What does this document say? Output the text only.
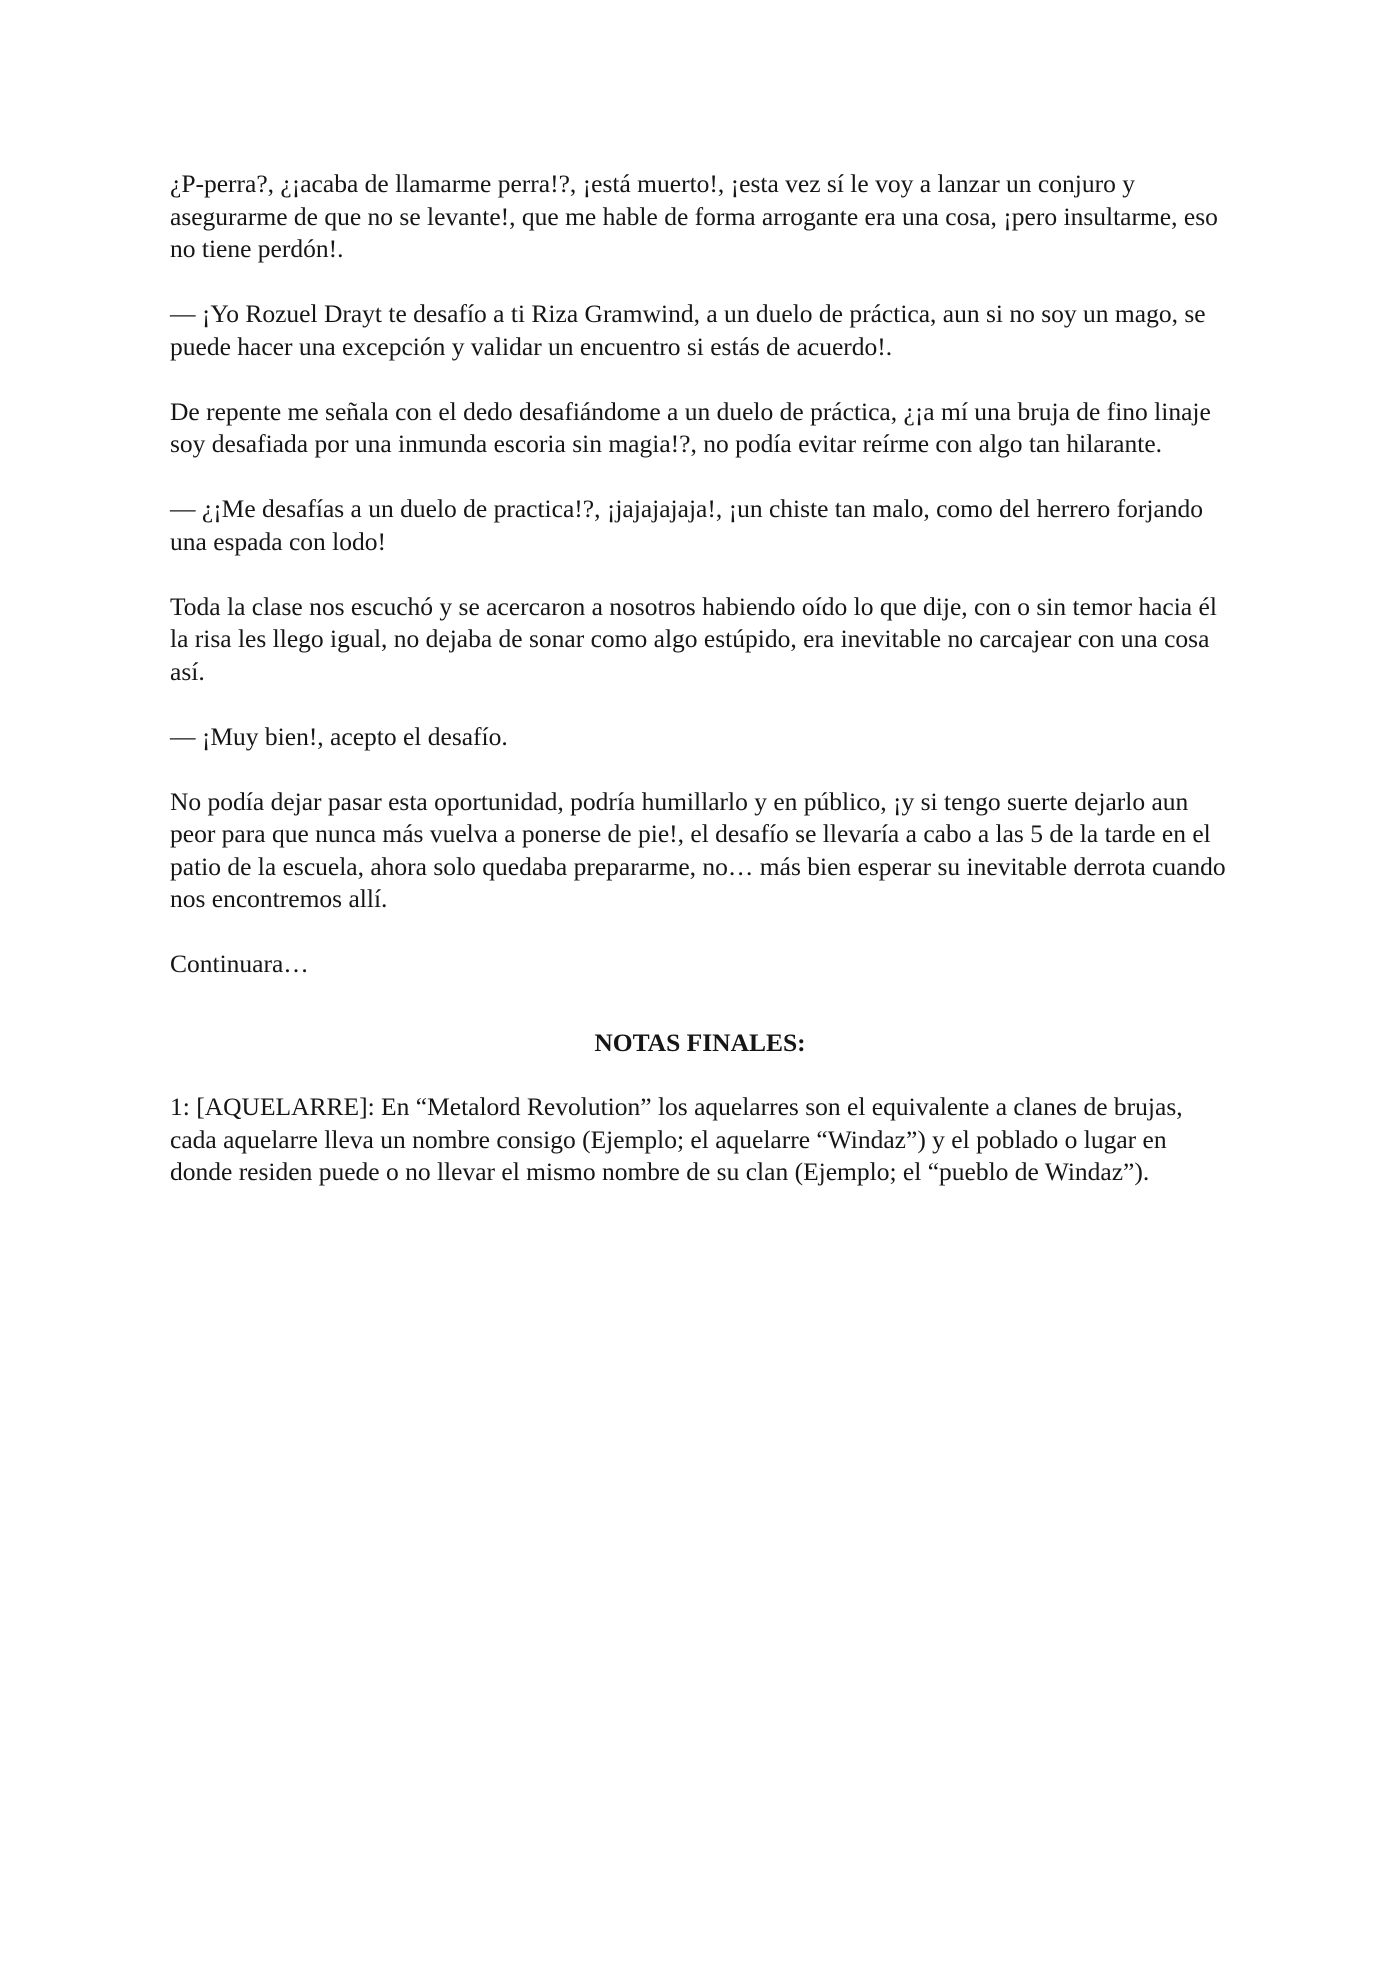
¿P-perra?, ¿¡acaba de llamarme perra!?, ¡está muerto!, ¡esta vez sí le voy a lanzar un conjuro y asegurarme de que no se levante!, que me hable de forma arrogante era una cosa, ¡pero insultarme, eso no tiene perdón!.

— ¡Yo Rozuel Drayt te desafío a ti Riza Gramwind, a un duelo de práctica, aun si no soy un mago, se puede hacer una excepción y validar un encuentro si estás de acuerdo!.

De repente me señala con el dedo desafiándome a un duelo de práctica, ¿¡a mí una bruja de fino linaje soy desafiada por una inmunda escoria sin magia!?, no podía evitar reírme con algo tan hilarante.

— ¿¡Me desafías a un duelo de practica!?, ¡jajajajaja!, ¡un chiste tan malo, como del herrero forjando una espada con lodo!

Toda la clase nos escuchó y se acercaron a nosotros habiendo oído lo que dije, con o sin temor hacia él la risa les llego igual, no dejaba de sonar como algo estúpido, era inevitable no carcajear con una cosa así.

— ¡Muy bien!, acepto el desafío.

No podía dejar pasar esta oportunidad, podría humillarlo y en público, ¡y si tengo suerte dejarlo aun peor para que nunca más vuelva a ponerse de pie!, el desafío se llevaría a cabo a las 5 de la tarde en el patio de la escuela, ahora solo quedaba prepararme, no… más bien esperar su inevitable derrota cuando nos encontremos allí.

Continuara…

NOTAS FINALES:

1: [AQUELARRE]: En “Metalord Revolution” los aquelarres son el equivalente a clanes de brujas, cada aquelarre lleva un nombre consigo (Ejemplo; el aquelarre “Windaz”) y el poblado o lugar en donde residen puede o no llevar el mismo nombre de su clan (Ejemplo; el “pueblo de Windaz”).
